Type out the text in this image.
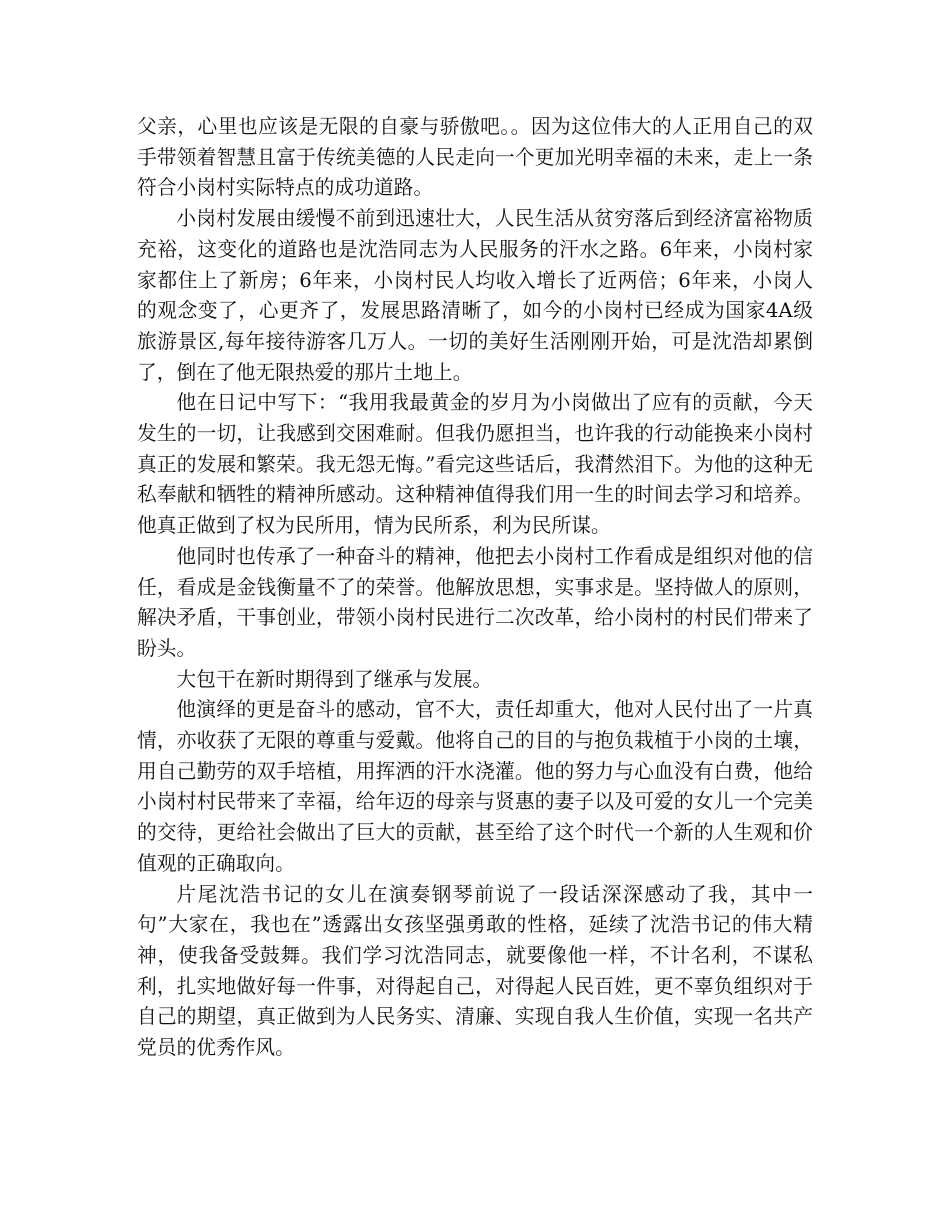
父亲，心里也应该是无限的自豪与骄傲吧。。因为这位伟大的人正用自己的双手带领着智慧且富于传统美德的人民走向一个更加光明幸福的未来，走上一条符合小岗村实际特点的成功道路。

小岗村发展由缓慢不前到迅速壮大，人民生活从贫穷落后到经济富裕物质充裕，这变化的道路也是沈浩同志为人民服务的汗水之路。6年来，小岗村家家都住上了新房；6年来，小岗村民人均收入增长了近两倍；6年来，小岗人的观念变了，心更齐了，发展思路清晰了，如今的小岗村已经成为国家4A级旅游景区,每年接待游客几万人。一切的美好生活刚刚开始，可是沈浩却累倒了，倒在了他无限热爱的那片土地上。

他在日记中写下：“我用我最黄金的岁月为小岗做出了应有的贡献，今天发生的一切，让我感到交困难耐。但我仍愿担当，也许我的行动能换来小岗村真正的发展和繁荣。我无怨无悔。”看完这些话后，我潸然泪下。为他的这种无私奉献和牺牲的精神所感动。这种精神值得我们用一生的时间去学习和培养。他真正做到了权为民所用，情为民所系，利为民所谋。

他同时也传承了一种奋斗的精神，他把去小岗村工作看成是组织对他的信任，看成是金钱衡量不了的荣誉。他解放思想，实事求是。坚持做人的原则，解决矛盾，干事创业，带领小岗村民进行二次改革，给小岗村的村民们带来了盼头。

大包干在新时期得到了继承与发展。

他演绎的更是奋斗的感动，官不大，责任却重大，他对人民付出了一片真情，亦收获了无限的尊重与爱戴。他将自己的目的与抱负栽植于小岗的土壤，用自己勤劳的双手培植，用挥洒的汗水浇灌。他的努力与心血没有白费，他给小岗村村民带来了幸福，给年迈的母亲与贤惠的妻子以及可爱的女儿一个完美的交待，更给社会做出了巨大的贡献，甚至给了这个时代一个新的人生观和价值观的正确取向。

片尾沈浩书记的女儿在演奏钢琴前说了一段话深深感动了我，其中一句”大家在，我也在”透露出女孩坚强勇敢的性格，延续了沈浩书记的伟大精神，使我备受鼓舞。我们学习沈浩同志，就要像他一样，不计名利，不谋私利，扎实地做好每一件事，对得起自己，对得起人民百姓，更不辜负组织对于自己的期望，真正做到为人民务实、清廉、实现自我人生价值，实现一名共产党员的优秀作风。
